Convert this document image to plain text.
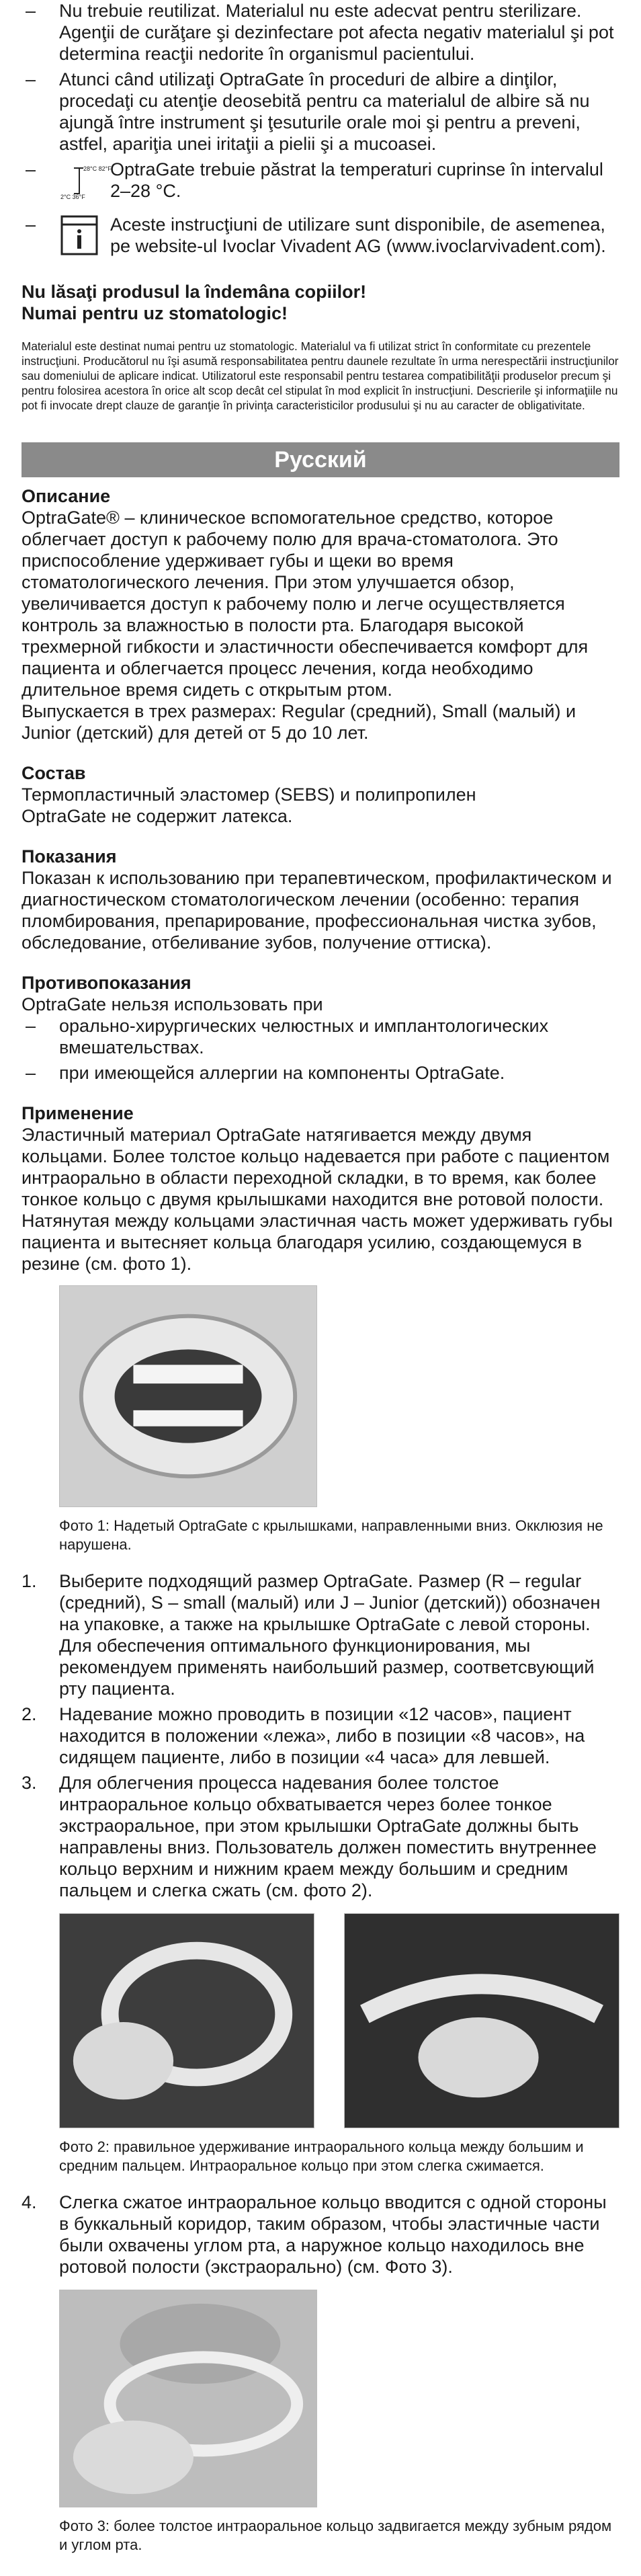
– Nu trebuie reutilizat. Materialul nu este adecvat pentru sterilizare. Agenţii de curăţare şi dezinfectare pot afecta negativ materialul şi pot determina reacţii nedorite în organismul pacientului.
– Atunci când utilizaţi OptraGate în proceduri de albire a dinţilor, procedaţi cu atenţie deosebită pentru ca materialul de albire să nu ajungă între instrument şi ţesuturile orale moi şi pentru a preveni, astfel, apariţia unei iritaţii a pielii şi a mucoasei.
– 28°C 82°F
2°C 36°F
OptraGate trebuie păstrat la temperaturi cuprinse în intervalul 2–28 °C.
– Aceste instrucţiuni de utilizare sunt disponibile, de asemenea, pe website-ul Ivoclar Vivadent AG (www.ivoclarvivadent.com).
Nu lăsaţi produsul la îndemâna copiilor!
Numai pentru uz stomatologic!
Materialul este destinat numai pentru uz stomatologic. Materialul va fi utilizat strict în conformitate cu prezentele instrucţiuni. Producătorul nu îşi asumă responsabilitatea pentru daunele rezultate în urma nerespectării instrucţiunilor sau domeniului de aplicare indicat. Utilizatorul este responsabil pentru testarea compatibilităţii produselor precum şi pentru folosirea acestora în orice alt scop decât cel stipulat în mod explicit în instrucţiuni. Descrierile şi informaţiile nu pot fi invocate drept clauze de garanţie în privinţa caracteristicilor produsului şi nu au caracter de obligativitate.
Русский
Описание

OptraGate® – клиническое вспомогательное средство, которое облегчает доступ к рабочему полю для врача-стоматолога. Это приспособление удерживает губы и щеки во время стоматологического лечения. При этом улучшается обзор, увеличивается доступ к рабочему полю и легче осуществляется контроль за влажностью в полости рта. Благодаря высокой трехмерной гибкости и эластичности обеспечивается комфорт для пациента и облегчается процесс лечения, когда необходимо длительное время сидеть с открытым ртом.

Выпускается в трех размерах: Regular (средний), Small (малый) и Junior (детский) для детей от 5 до 10 лет.

Состав

Термопластичный эластомер (SEBS) и полипропилен

OptraGate не содержит латекса.

Показания

Показан к использованию при терапевтическом, профилактическом и диагностическом стоматологическом лечении (особенно: терапия пломбирования, препарирование, профессиональная чистка зубов, обследование, отбеливание зубов, получение оттиска).

Противопоказания

OptraGate нельзя использовать при

– орально-хирургических челюстных и имплантологических вмешательствах.
– при имеющейся аллергии на компоненты OptraGate.
Применение

Эластичный материал OptraGate натягивается между двумя кольцами. Более толстое кольцо надевается при работе с пациентом интраорально в области переходной складки, в то время, как более тонкое кольцо с двумя крылышками находится вне ротовой полости. Натянутая между кольцами эластичная часть может удерживать губы пациента и вытесняет кольца благодаря усилию, создающемуся в резине (см. фото 1).

Фото 1: Надетый OptraGate с крылышками, направленными вниз. Окклюзия не нарушена.
1. Выберите подходящий размер OptraGate. Размер (R – regular (средний), S – small (малый) или J – Junior (детский)) обозначен на упаковке, а также на крылышке OptraGate с левой стороны. Для обеспечения оптимального функционирования, мы рекомендуем применять наибольший размер, соответсвующий рту пациента.
2. Надевание можно проводить в позиции «12 часов», пациент находится в положении «лежа», либо в позиции «8 часов», на сидящем пациенте, либо в позиции «4 часа» для левшей.
3. Для облегчения процесса надевания более толстое интраоральное кольцо обхватывается через более тонкое экстраоральное, при этом крылышки OptraGate должны быть направлены вниз. Пользователь должен поместить внутреннее кольцо верхним и нижним краем между большим и средним пальцем и слегка сжать (см. фото 2).
Фото 2: правильное удерживание интраорального кольца между большим и средним пальцем. Интраоральное кольцо при этом слегка сжимается.
4. Слегка сжатое интраоральное кольцо вводится с одной стороны в буккальный коридор, таким образом, чтобы эластичные части были охвачены углом рта, а наружное кольцо находилось вне ротовой полости (экстраорально) (см. Фото 3).
Фото 3: более толстое интраоральное кольцо задвигается между зубным рядом и углом рта.
